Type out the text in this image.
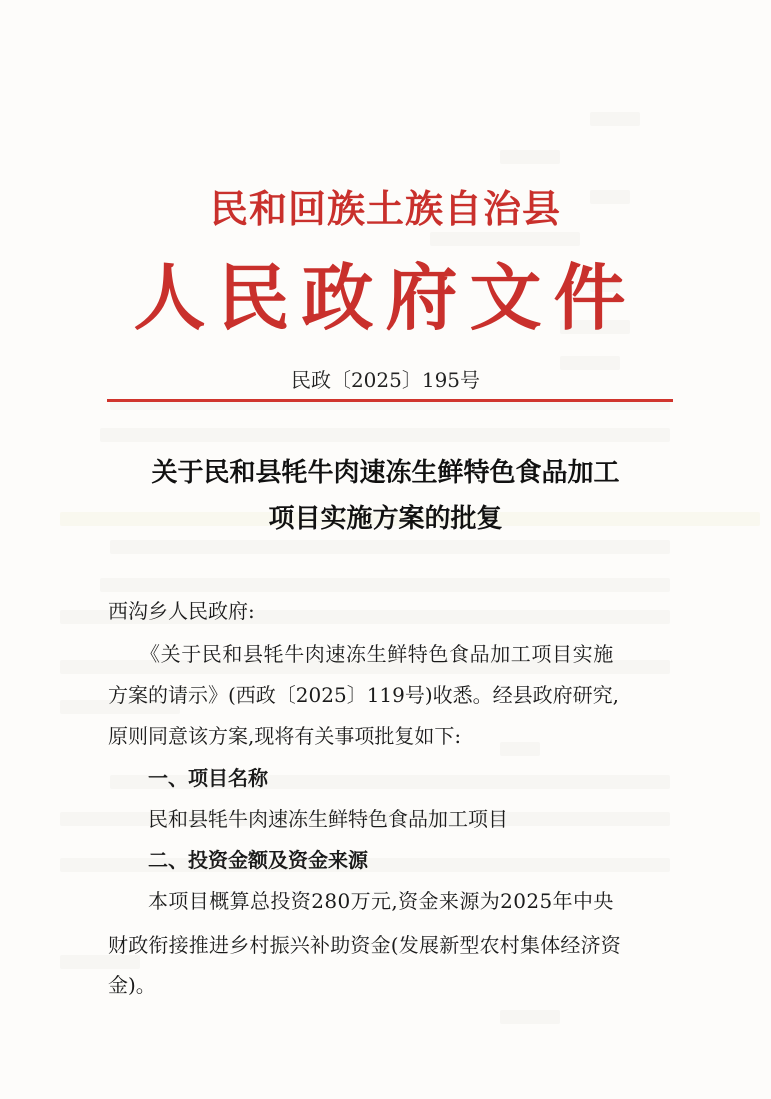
民和回族土族自治县
人民政府文件
民政〔2025〕195号
关于民和县牦牛肉速冻生鲜特色食品加工
项目实施方案的批复
西沟乡人民政府:
《关于民和县牦牛肉速冻生鲜特色食品加工项目实施
方案的请示》(西政〔2025〕119号)收悉。经县政府研究,
原则同意该方案,现将有关事项批复如下:
一、项目名称
民和县牦牛肉速冻生鲜特色食品加工项目
二、投资金额及资金来源
本项目概算总投资280万元,资金来源为2025年中央
财政衔接推进乡村振兴补助资金(发展新型农村集体经济资
金)。
